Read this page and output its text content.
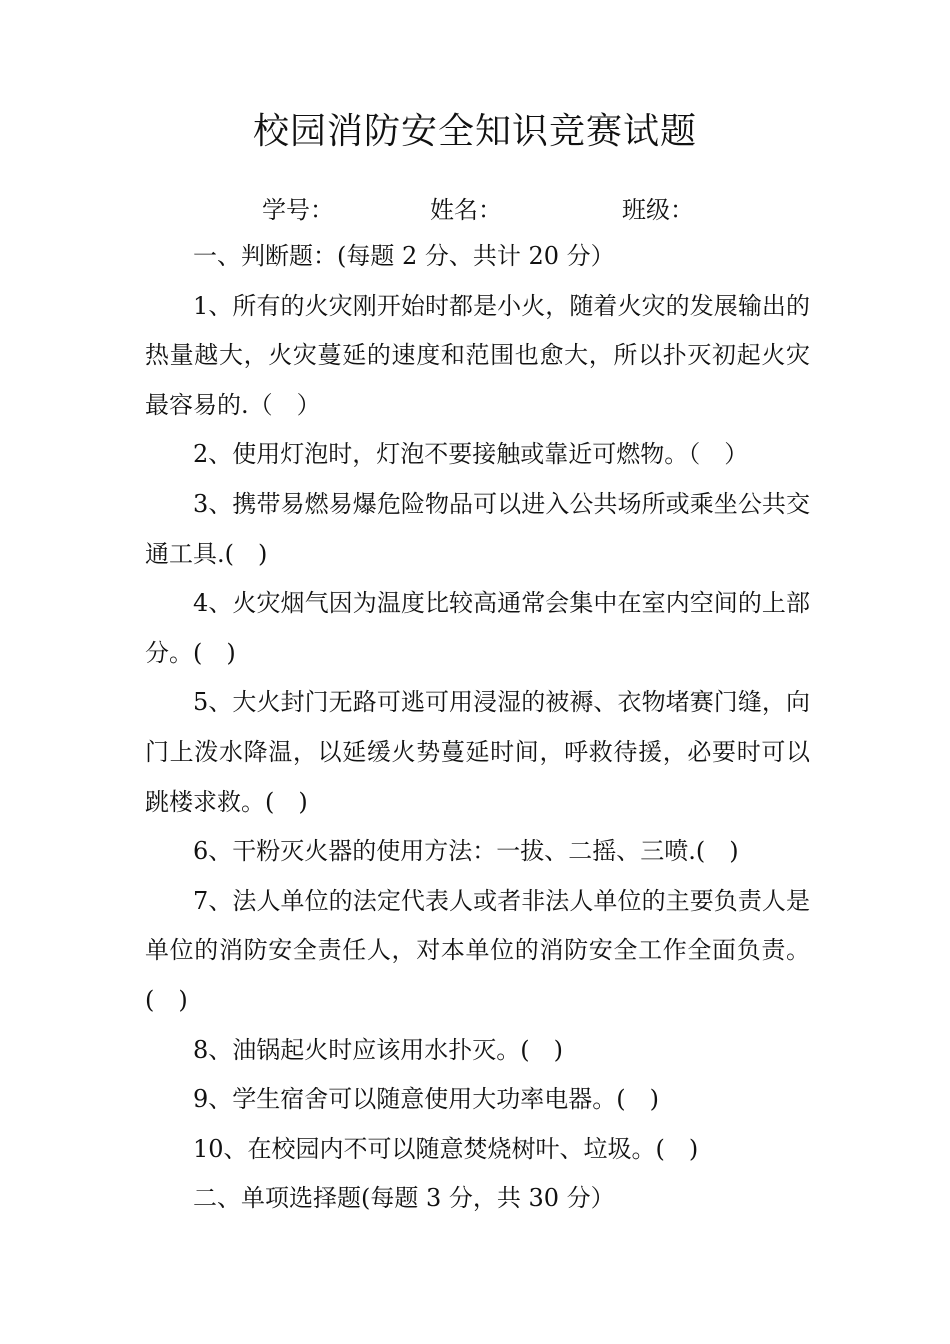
校园消防安全知识竞赛试题
学号：	姓名：	班级：

一、判断题：(每题 2 分、共计 20 分）

1、所有的火灾刚开始时都是小火，随着火灾的发展输出的热量越大，火灾蔓延的速度和范围也愈大，所以扑灭初起火灾最容易的.（　）

2、使用灯泡时，灯泡不要接触或靠近可燃物。（　）

3、携带易燃易爆危险物品可以进入公共场所或乘坐公共交通工具.(　)

4、火灾烟气因为温度比较高通常会集中在室内空间的上部分。(　)

5、大火封门无路可逃可用浸湿的被褥、衣物堵赛门缝，向门上泼水降温，以延缓火势蔓延时间，呼救待援，必要时可以跳楼求救。(　)

6、干粉灭火器的使用方法：一拔、二摇、三喷.(　)

7、法人单位的法定代表人或者非法人单位的主要负责人是单位的消防安全责任人，对本单位的消防安全工作全面负责。(　)

8、油锅起火时应该用水扑灭。(　)

9、学生宿舍可以随意使用大功率电器。(　)

10、在校园内不可以随意焚烧树叶、垃圾。(　)

二、单项选择题(每题 3 分，共 30 分）
